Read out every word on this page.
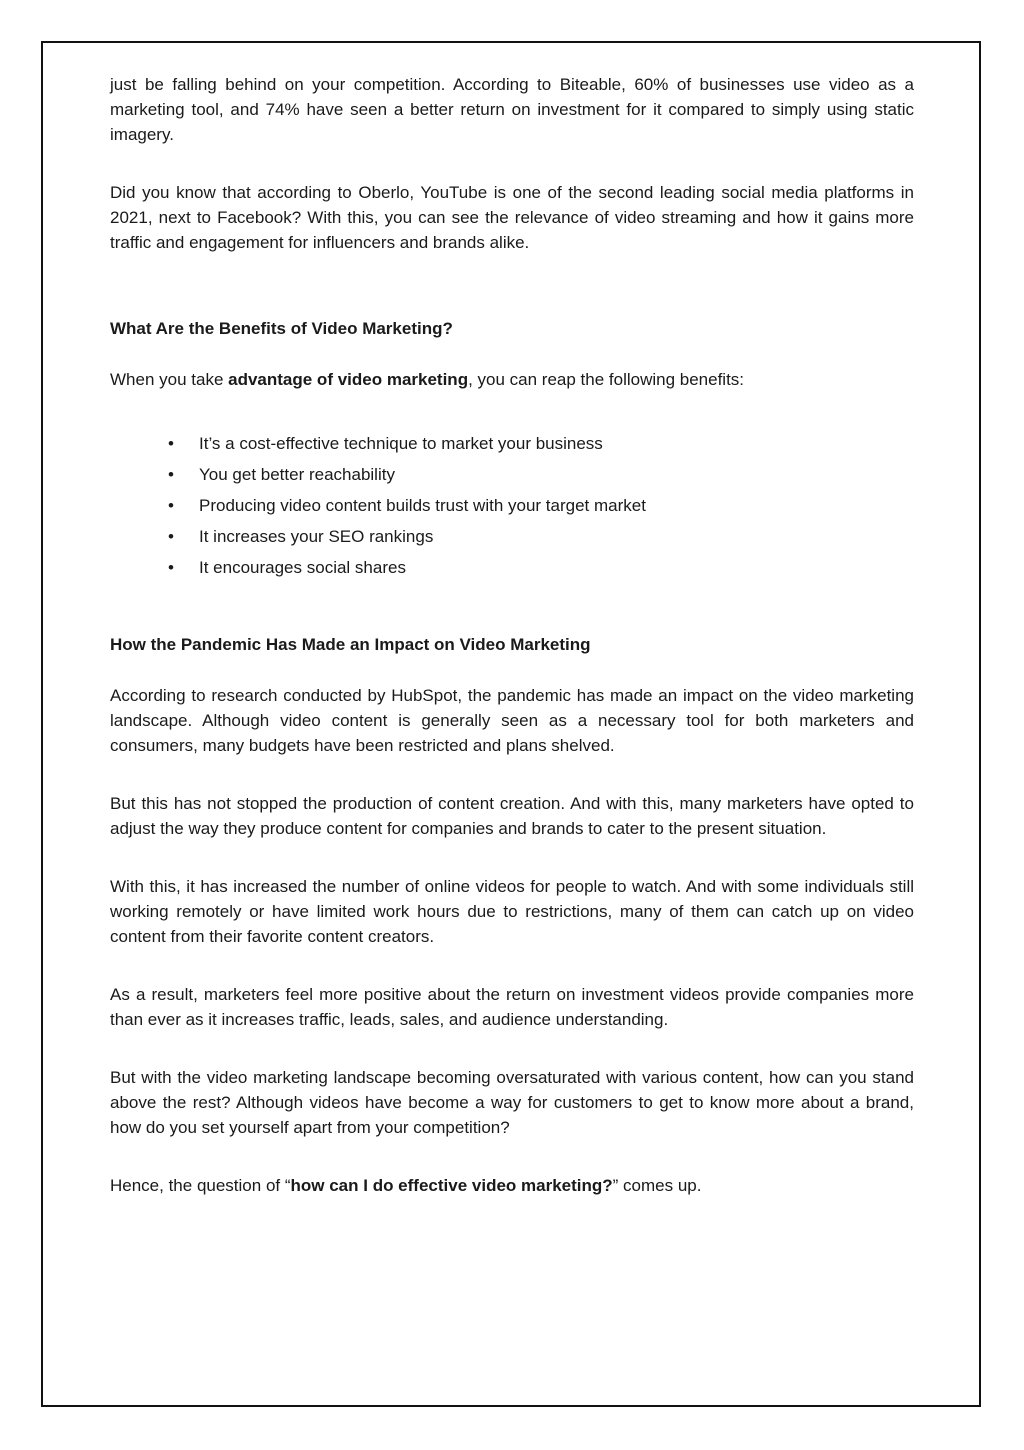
just be falling behind on your competition. According to Biteable, 60% of businesses use video as a marketing tool, and 74% have seen a better return on investment for it compared to simply using static imagery.

Did you know that according to Oberlo, YouTube is one of the second leading social media platforms in 2021, next to Facebook? With this, you can see the relevance of video streaming and how it gains more traffic and engagement for influencers and brands alike.

What Are the Benefits of Video Marketing?

When you take advantage of video marketing, you can reap the following benefits:

•	It’s a cost-effective technique to market your business
•	You get better reachability
•	Producing video content builds trust with your target market
•	It increases your SEO rankings
•	It encourages social shares

How the Pandemic Has Made an Impact on Video Marketing

According to research conducted by HubSpot, the pandemic has made an impact on the video marketing landscape. Although video content is generally seen as a necessary tool for both marketers and consumers, many budgets have been restricted and plans shelved.

But this has not stopped the production of content creation. And with this, many marketers have opted to adjust the way they produce content for companies and brands to cater to the present situation.

With this, it has increased the number of online videos for people to watch. And with some individuals still working remotely or have limited work hours due to restrictions, many of them can catch up on video content from their favorite content creators.

As a result, marketers feel more positive about the return on investment videos provide companies more than ever as it increases traffic, leads, sales, and audience understanding.

But with the video marketing landscape becoming oversaturated with various content, how can you stand above the rest? Although videos have become a way for customers to get to know more about a brand, how do you set yourself apart from your competition?

Hence, the question of “how can I do effective video marketing?” comes up.
